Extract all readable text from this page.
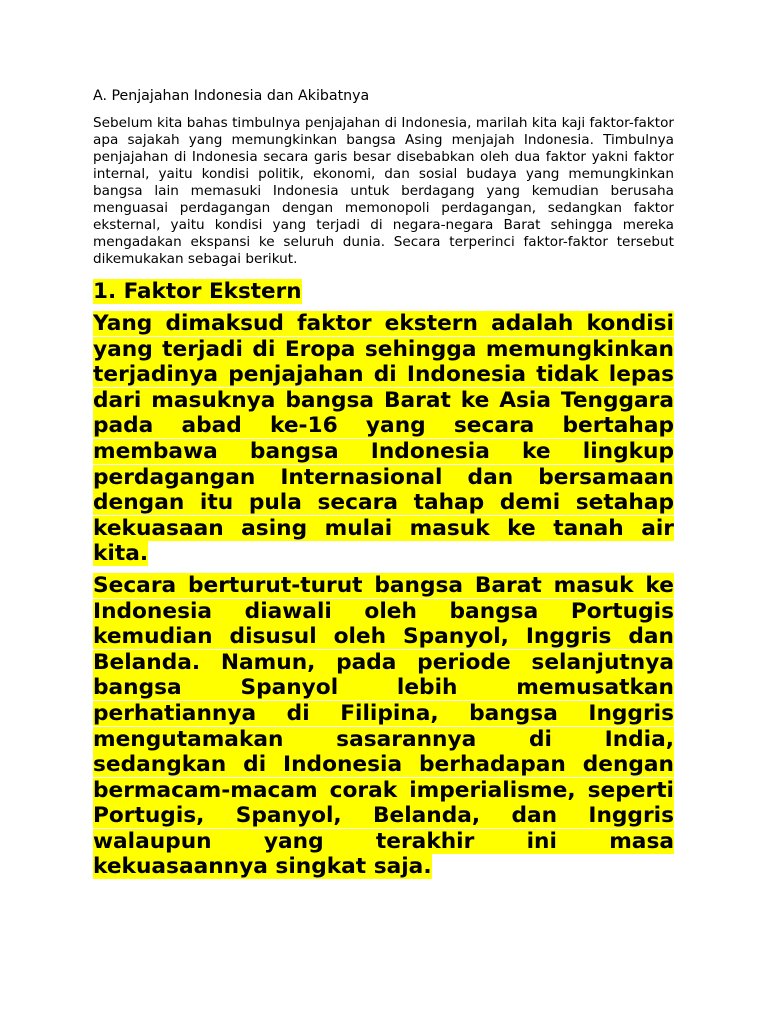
A. Penjajahan Indonesia dan Akibatnya

Sebelum kita bahas timbulnya penjajahan di Indonesia, marilah kita kaji faktor-faktor apa sajakah yang memungkinkan bangsa Asing menjajah Indonesia. Timbulnya penjajahan di Indonesia secara garis besar disebabkan oleh dua faktor yakni faktor internal, yaitu kondisi politik, ekonomi, dan sosial budaya yang memungkinkan bangsa lain memasuki Indonesia untuk berdagang yang kemudian berusaha menguasai perdagangan dengan memonopoli perdagangan, sedangkan faktor eksternal, yaitu kondisi yang terjadi di negara-negara Barat sehingga mereka mengadakan ekspansi ke seluruh dunia. Secara terperinci faktor-faktor tersebut dikemukakan sebagai berikut.

1. Faktor Ekstern

Yang dimaksud faktor ekstern adalah kondisi yang terjadi di Eropa sehingga memungkinkan terjadinya penjajahan di Indonesia tidak lepas dari masuknya bangsa Barat ke Asia Tenggara pada abad ke-16 yang secara bertahap membawa bangsa Indonesia ke lingkup perdagangan Internasional dan bersamaan dengan itu pula secara tahap demi setahap kekuasaan asing mulai masuk ke tanah air kita.

Secara berturut-turut bangsa Barat masuk ke Indonesia diawali oleh bangsa Portugis kemudian disusul oleh Spanyol, Inggris dan Belanda. Namun, pada periode selanjutnya bangsa Spanyol lebih memusatkan perhatiannya di Filipina, bangsa Inggris mengutamakan sasarannya di India, sedangkan di Indonesia berhadapan dengan bermacam-macam corak imperialisme, seperti Portugis, Spanyol, Belanda, dan Inggris walaupun yang terakhir ini masa kekuasaannya singkat saja.
